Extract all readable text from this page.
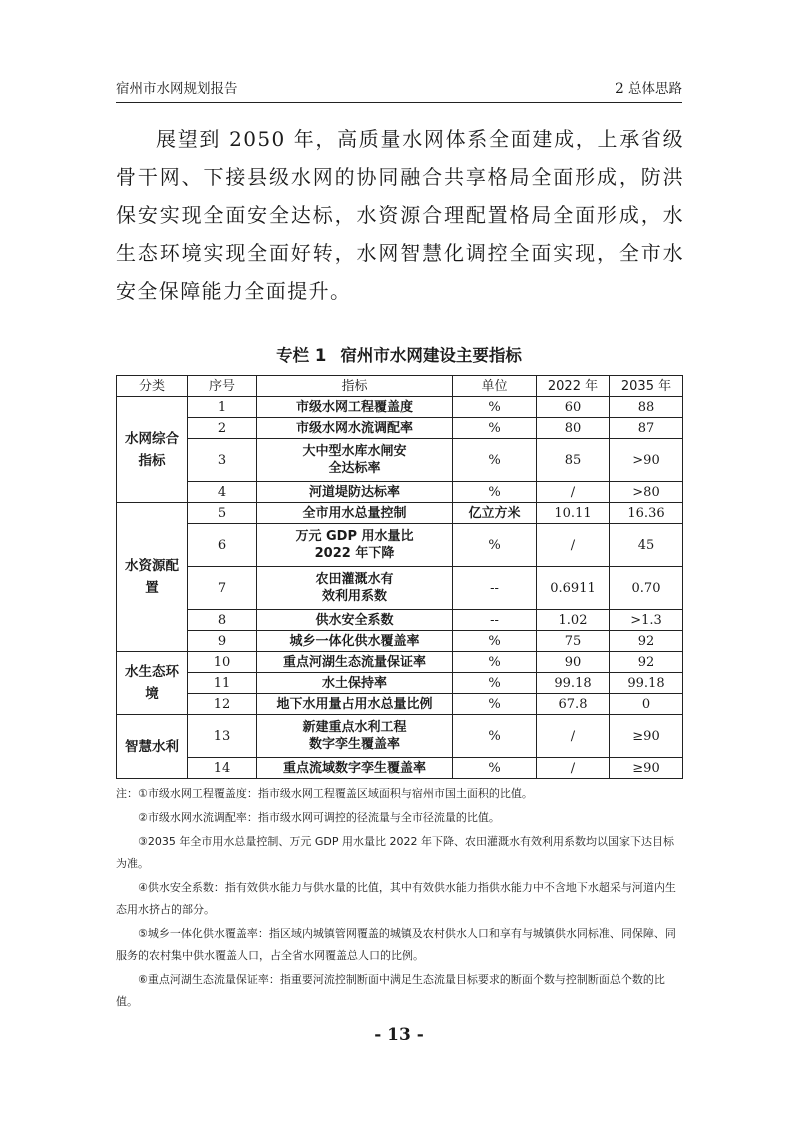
宿州市水网规划报告	2 总体思路

展望到 2050 年，高质量水网体系全面建成，上承省级骨干网、下接县级水网的协同融合共享格局全面形成，防洪保安实现全面安全达标，水资源合理配置格局全面形成，水生态环境实现全面好转，水网智慧化调控全面实现，全市水安全保障能力全面提升。

专栏 1 宿州市水网建设主要指标
分类	序号	指标	单位	2022 年	2035 年
水网综合指标	1	市级水网工程覆盖度	%	60	88
	2	市级水网水流调配率	%	80	87
	3	大中型水库水闸安全达标率	%	85	>90
	4	河道堤防达标率	%	/	>80
水资源配置	5	全市用水总量控制	亿立方米	10.11	16.36
	6	万元 GDP 用水量比 2022 年下降	%	/	45
	7	农田灌溉水有效利用系数	--	0.6911	0.70
	8	供水安全系数	--	1.02	>1.3
	9	城乡一体化供水覆盖率	%	75	92
水生态环境	10	重点河湖生态流量保证率	%	90	92
	11	水土保持率	%	99.18	99.18
	12	地下水用量占用水总量比例	%	67.8	0
智慧水利	13	新建重点水利工程数字孪生覆盖率	%	/	≥90
	14	重点流域数字孪生覆盖率	%	/	≥90

注：①市级水网工程覆盖度：指市级水网工程覆盖区域面积与宿州市国土面积的比值。

②市级水网水流调配率：指市级水网可调控的径流量与全市径流量的比值。

③2035 年全市用水总量控制、万元 GDP 用水量比 2022 年下降、农田灌溉水有效利用系数均以国家下达目标为准。

④供水安全系数：指有效供水能力与供水量的比值，其中有效供水能力指供水能力中不含地下水超采与河道内生态用水挤占的部分。

⑤城乡一体化供水覆盖率：指区域内城镇管网覆盖的城镇及农村供水人口和享有与城镇供水同标准、同保障、同服务的农村集中供水覆盖人口，占全省水网覆盖总人口的比例。

⑥重点河湖生态流量保证率：指重要河流控制断面中满足生态流量目标要求的断面个数与控制断面总个数的比值。

- 13 -
